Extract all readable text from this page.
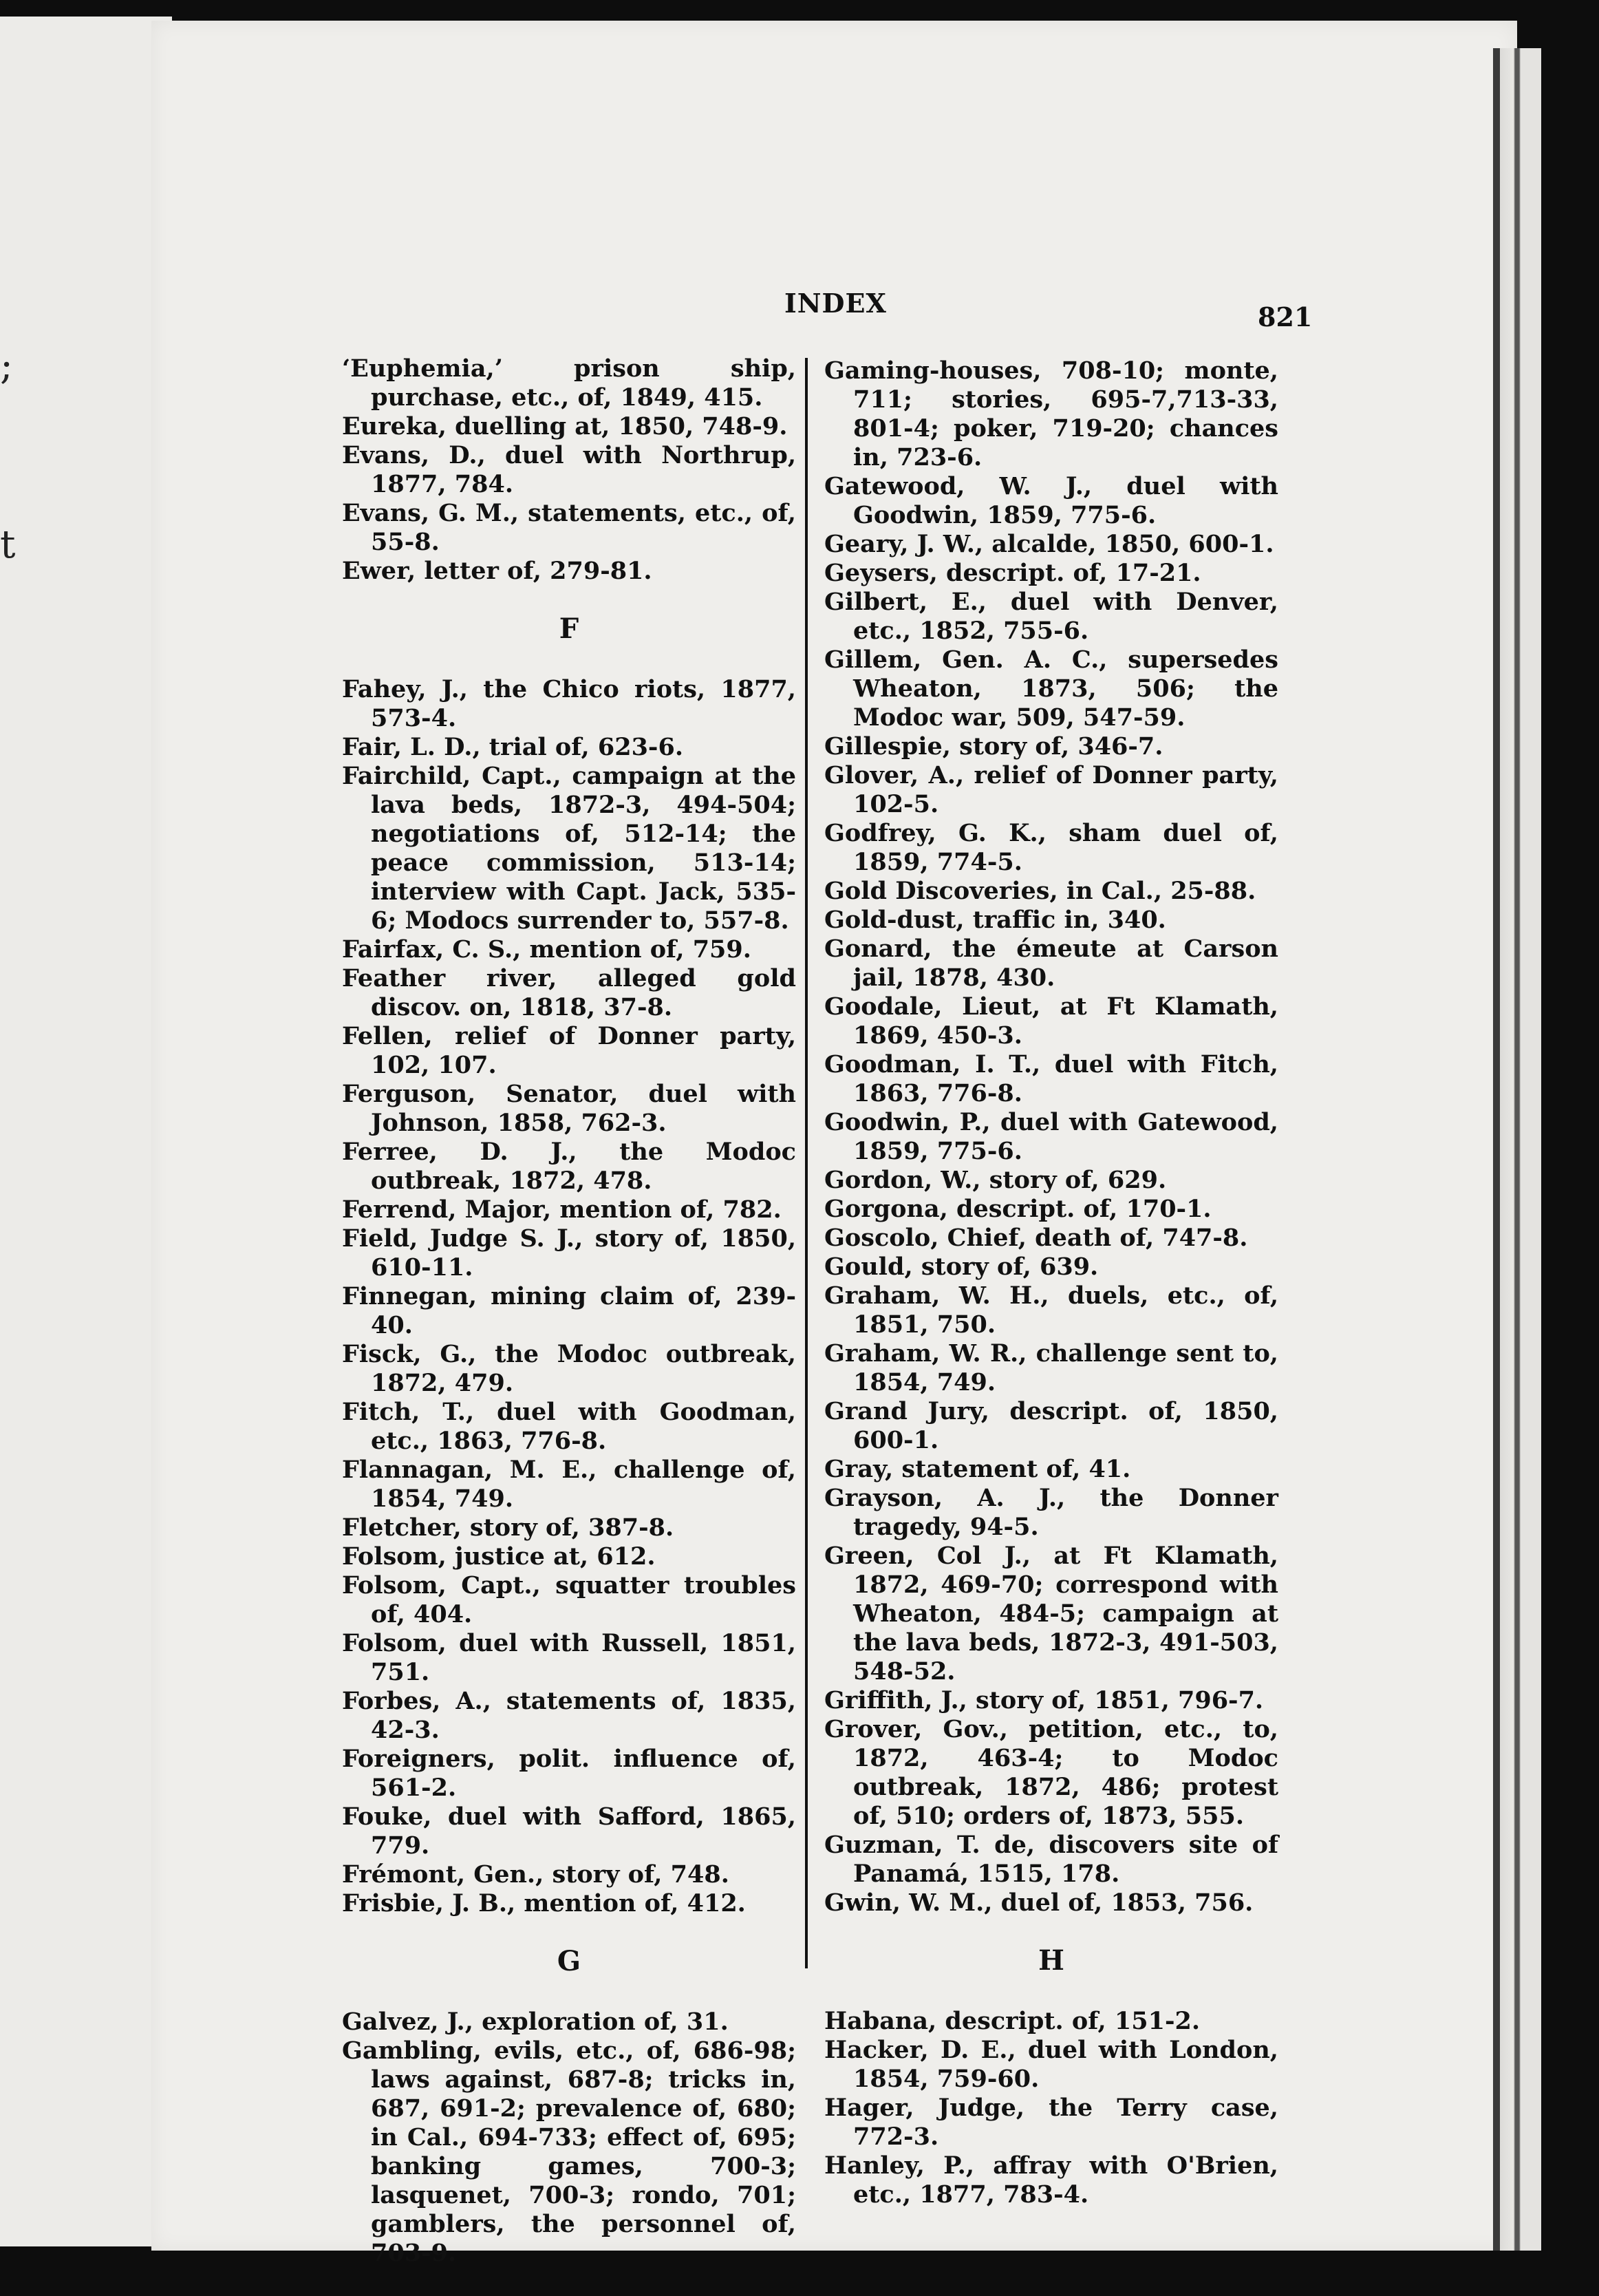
;
t
INDEX	821

‘Euphemia,’ prison ship, purchase, etc., of, 1849, 415.

Eureka, duelling at, 1850, 748-9.

Evans, D., duel with Northrup, 1877, 784.

Evans, G. M., statements, etc., of, 55-8.

Ewer, letter of, 279-81.

F

Fahey, J., the Chico riots, 1877, 573-4.

Fair, L. D., trial of, 623-6.

Fairchild, Capt., campaign at the lava beds, 1872-3, 494-504; negotiations of, 512-14; the peace commission, 513-14; interview with Capt. Jack, 535-6; Modocs surrender to, 557-8.

Fairfax, C. S., mention of, 759.

Feather river, alleged gold discov. on, 1818, 37-8.

Fellen, relief of Donner party, 102, 107.

Ferguson, Senator, duel with Johnson, 1858, 762-3.

Ferree, D. J., the Modoc outbreak, 1872, 478.

Ferrend, Major, mention of, 782.

Field, Judge S. J., story of, 1850, 610-11.

Finnegan, mining claim of, 239-40.

Fisck, G., the Modoc outbreak, 1872, 479.

Fitch, T., duel with Goodman, etc., 1863, 776-8.

Flannagan, M. E., challenge of, 1854, 749.

Fletcher, story of, 387-8.

Folsom, justice at, 612.

Folsom, Capt., squatter troubles of, 404.

Folsom, duel with Russell, 1851, 751.

Forbes, A., statements of, 1835, 42-3.

Foreigners, polit. influence of, 561-2.

Fouke, duel with Safford, 1865, 779.

Frémont, Gen., story of, 748.

Frisbie, J. B., mention of, 412.

G

Galvez, J., exploration of, 31.

Gambling, evils, etc., of, 686-98; laws against, 687-8; tricks in, 687, 691-2; prevalence of, 680; in Cal., 694-733; effect of, 695; banking games, 700-3; lasquenet, 700-3; rondo, 701; gamblers, the personnel of, 703-9.

Gaming-houses, 708-10; monte, 711; stories, 695-7,713-33, 801-4; poker, 719-20; chances in, 723-6.

Gatewood, W. J., duel with Goodwin, 1859, 775-6.

Geary, J. W., alcalde, 1850, 600-1.

Geysers, descript. of, 17-21.

Gilbert, E., duel with Denver, etc., 1852, 755-6.

Gillem, Gen. A. C., supersedes Wheaton, 1873, 506; the Modoc war, 509, 547-59.

Gillespie, story of, 346-7.

Glover, A., relief of Donner party, 102-5.

Godfrey, G. K., sham duel of, 1859, 774-5.

Gold Discoveries, in Cal., 25-88.

Gold-dust, traffic in, 340.

Gonard, the émeute at Carson jail, 1878, 430.

Goodale, Lieut, at Ft Klamath, 1869, 450-3.

Goodman, I. T., duel with Fitch, 1863, 776-8.

Goodwin, P., duel with Gatewood, 1859, 775-6.

Gordon, W., story of, 629.

Gorgona, descript. of, 170-1.

Goscolo, Chief, death of, 747-8.

Gould, story of, 639.

Graham, W. H., duels, etc., of, 1851, 750.

Graham, W. R., challenge sent to, 1854, 749.

Grand Jury, descript. of, 1850, 600-1.

Gray, statement of, 41.

Grayson, A. J., the Donner tragedy, 94-5.

Green, Col J., at Ft Klamath, 1872, 469-70; correspond with Wheaton, 484-5; campaign at the lava beds, 1872-3, 491-503, 548-52.

Griffith, J., story of, 1851, 796-7.

Grover, Gov., petition, etc., to, 1872, 463-4; to Modoc outbreak, 1872, 486; protest of, 510; orders of, 1873, 555.

Guzman, T. de, discovers site of Panamá, 1515, 178.

Gwin, W. M., duel of, 1853, 756.

H

Habana, descript. of, 151-2.

Hacker, D. E., duel with London, 1854, 759-60.

Hager, Judge, the Terry case, 772-3.

Hanley, P., affray with O'Brien, etc., 1877, 783-4.
